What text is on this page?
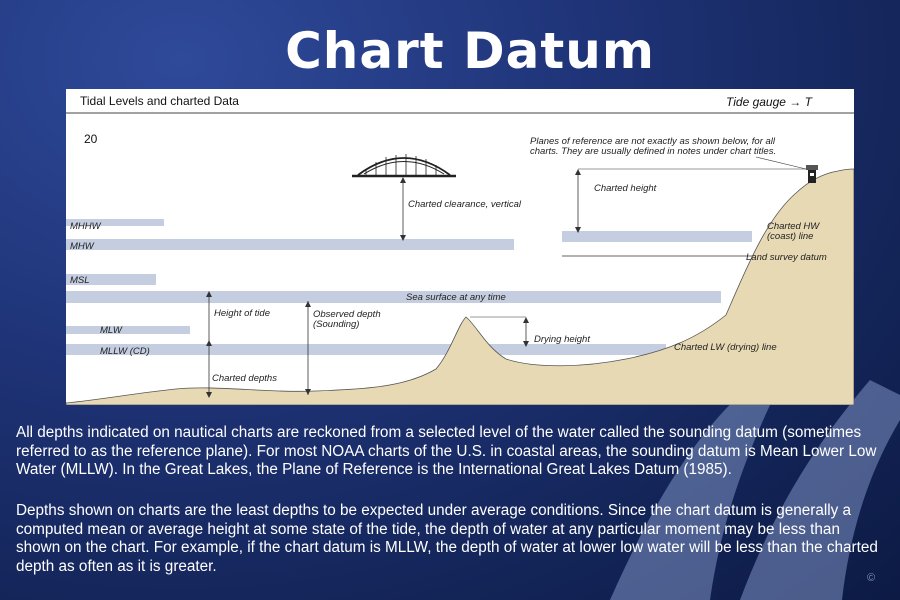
Chart Datum
Tidal Levels and charted Data	Tide gauge → T
20	Planes of reference are not exactly as shown below, for all
charts. They are usually defined in notes under chart titles.
MHHW
MHW
MSL
MLW
MLLW (CD)
Sea surface at any time
Charted clearance, vertical
Charted height
Charted HW
(coast) line
Land survey datum
Height of tide
Charted depths
Observed depth
(Sounding)
Drying height
Charted LW (drying) line
All depths indicated on nautical charts are reckoned from a selected level of the water called the sounding datum (sometimes referred to as the reference plane). For most NOAA charts of the U.S. in coastal areas, the sounding datum is Mean Lower Low Water (MLLW). In the Great Lakes, the Plane of Reference is the International Great Lakes Datum (1985).
Depths shown on charts are the least depths to be expected under average conditions. Since the chart datum is generally a computed mean or average height at some state of the tide, the depth of water at any particular moment may be less than shown on the chart. For example, if the chart datum is MLLW, the depth of water at lower low water will be less than the charted depth as often as it is greater.
©
